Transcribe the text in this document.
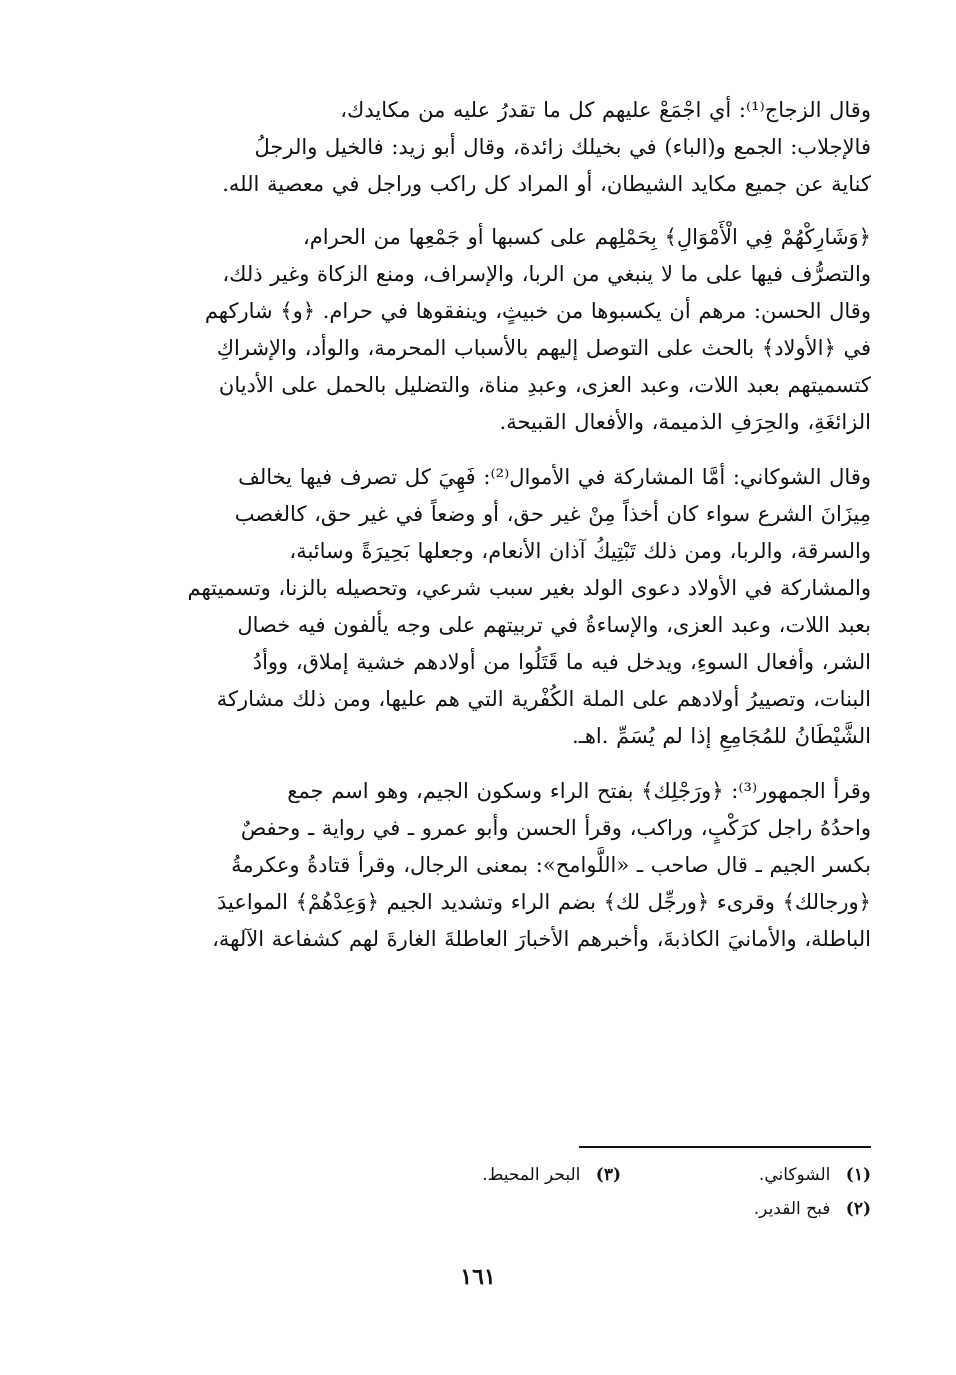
وقال الزجاج⁽¹⁾: أي اجْمَعْ عليهم كل ما تقدرُ عليه من مكايدك،
فالإجلاب: الجمع و(الباء) في بخيلك زائدة، وقال أبو زيد: فالخيل والرجلُ
كناية عن جميع مكايد الشيطان، أو المراد كل راكب وراجل في معصية الله.

﴿وَشَارِكْهُمْ فِي الْأَمْوَالِ﴾ بِحَمْلِهم على كسبها أو جَمْعِها من الحرام،
والتصرُّف فيها على ما لا ينبغي من الربا، والإسراف، ومنع الزكاة وغير ذلك،
وقال الحسن: مرهم أن يكسبوها من خبيثٍ، وينفقوها في حرام. ﴿و﴾ شاركهم
في ﴿الأولاد﴾ بالحث على التوصل إليهم بالأسباب المحرمة، والوأد، والإشراكِ
كتسميتهم بعبد اللات، وعبد العزى، وعبدِ مناة، والتضليل بالحمل على الأديان
الزائغَةِ، والحِرَفِ الذميمة، والأفعال القبيحة.

وقال الشوكاني: أمَّا المشاركة في الأموال⁽²⁾: فَهِيَ كل تصرف فيها يخالف
مِيزَانَ الشرع سواء كان أخذاً مِنْ غير حق، أو وضعاً في غير حق، كالغصب
والسرقة، والربا، ومن ذلك تَبْتِيكُ آذان الأنعام، وجعلها بَحِيرَةً وسائبة،
والمشاركة في الأولاد دعوى الولد بغير سبب شرعي، وتحصيله بالزنا، وتسميتهم
بعبد اللات، وعبد العزى، والإساءةُ في تربيتهم على وجه يألفون فيه خصال
الشر، وأفعال السوءِ، ويدخل فيه ما قَتَلُوا من أولادهم خشية إملاق، ووأدُ
البنات، وتصييرُ أولادهم على الملة الكُفْرية التي هم عليها، ومن ذلك مشاركة
الشَّيْطَانُ للمُجَامِعِ إذا لم يُسَمِّ .اهـ.

وقرأ الجمهور⁽³⁾: ﴿ورَجْلِك﴾ بفتح الراء وسكون الجيم، وهو اسم جمع
واحدُهُ راجل كرَكْبٍ، وراكب، وقرأ الحسن وأبو عمرو ـ في رواية ـ وحفصٌ
بكسر الجيم ـ قال صاحب ـ «اللَّوامح»: بمعنى الرجال، وقرأ قتادةُ وعكرمةُ
﴿ورجالك﴾ وقرىء ﴿ورجِّل لك﴾ بضم الراء وتشديد الجيم ﴿وَعِدْهُمْ﴾ المواعيدَ
الباطلة، والأمانيَ الكاذبةَ، وأخبرهم الأخبارَ العاطلةَ الغارةَ لهم كشفاعة الآلهة،

(١) الشوكاني.
(٣) البحر المحيط.
(٢) فبح القدير.
١٦١
